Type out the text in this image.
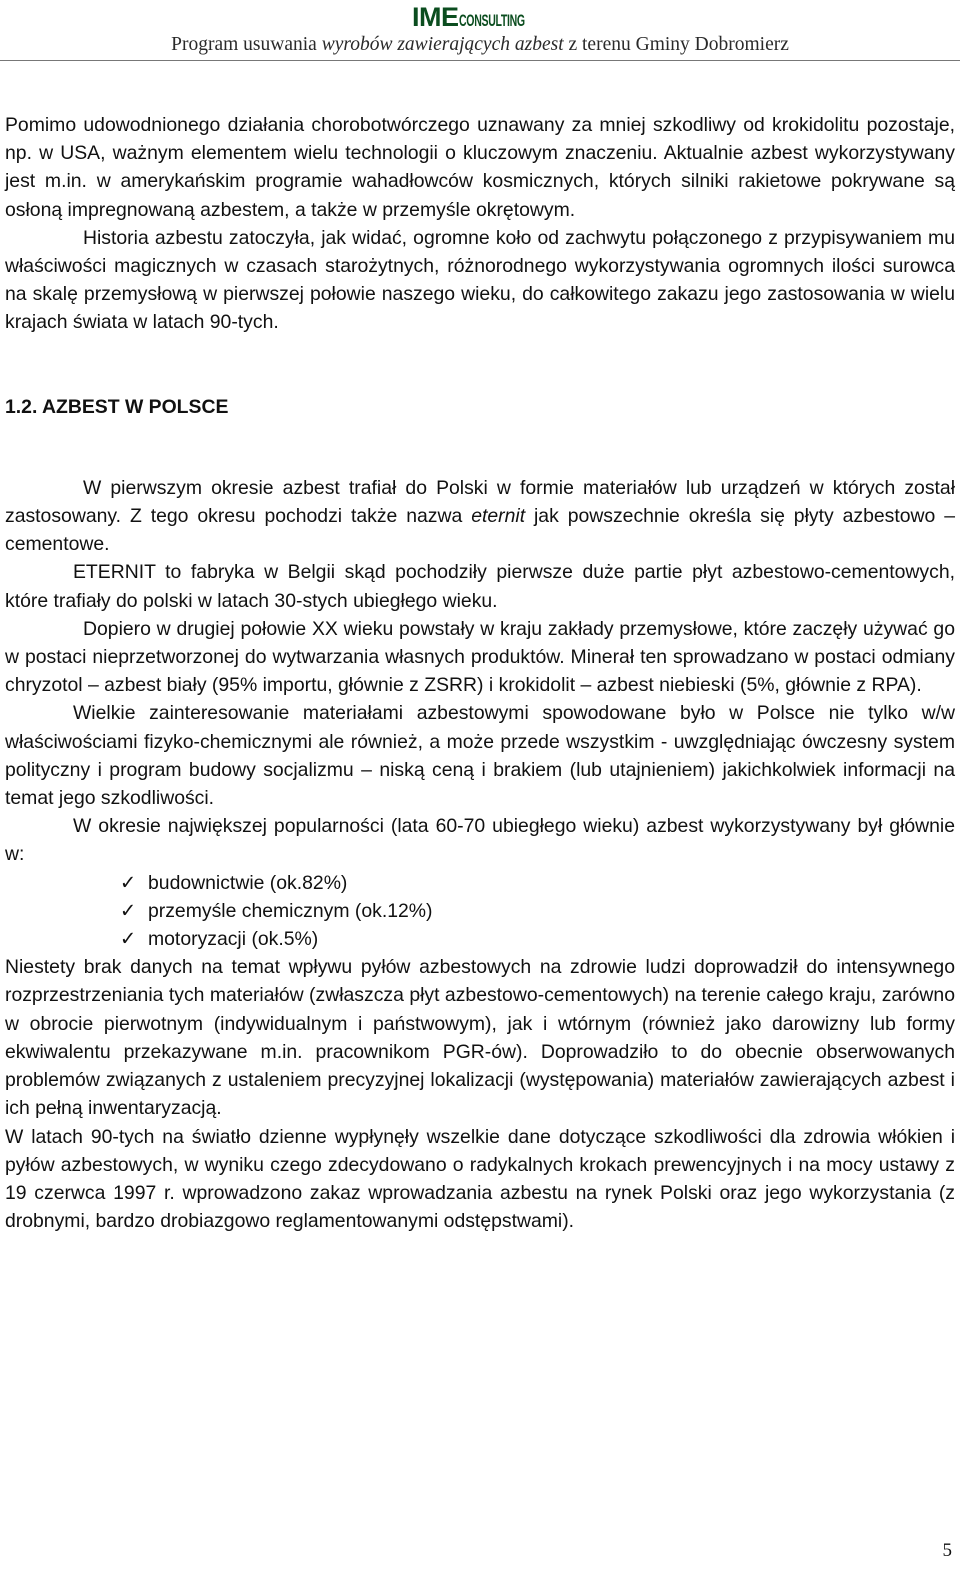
IMECONSULTING
Program usuwania wyrobów zawierających azbest z terenu Gminy Dobromierz

Pomimo udowodnionego działania chorobotwórczego uznawany za mniej szkodliwy od krokidolitu pozostaje, np. w USA, ważnym elementem wielu technologii o kluczowym znaczeniu. Aktualnie azbest wykorzystywany jest m.in. w amerykańskim programie wahadłowców kosmicznych, których silniki rakietowe pokrywane są osłoną impregnowaną azbestem, a także w przemyśle okrętowym.

Historia azbestu zatoczyła, jak widać, ogromne koło od zachwytu połączonego z przypisywaniem mu właściwości magicznych w czasach starożytnych, różnorodnego wykorzystywania ogromnych ilości surowca na skalę przemysłową w pierwszej połowie naszego wieku, do całkowitego zakazu jego zastosowania w wielu krajach świata w latach 90-tych.

1.2. AZBEST W POLSCE

W pierwszym okresie azbest trafiał do Polski w formie materiałów lub urządzeń w których został zastosowany. Z tego okresu pochodzi także nazwa eternit jak powszechnie określa się płyty azbestowo – cementowe.

ETERNIT to fabryka w Belgii skąd pochodziły pierwsze duże partie płyt azbestowo-cementowych, które trafiały do polski w latach 30-stych ubiegłego wieku.

Dopiero w drugiej połowie XX wieku powstały w kraju zakłady przemysłowe, które zaczęły używać go w postaci nieprzetworzonej do wytwarzania własnych produktów. Minerał ten sprowadzano w postaci odmiany chryzotol – azbest biały (95% importu, głównie z ZSRR) i krokidolit – azbest niebieski (5%, głównie z RPA).

Wielkie zainteresowanie materiałami azbestowymi spowodowane było w Polsce nie tylko w/w właściwościami fizyko-chemicznymi ale również, a może przede wszystkim - uwzględniając ówczesny system polityczny i program budowy socjalizmu – niską ceną i brakiem (lub utajnieniem) jakichkolwiek informacji na temat jego szkodliwości.

W okresie największej popularności (lata 60-70 ubiegłego wieku) azbest wykorzystywany był głównie w:

✓ budownictwie (ok.82%)
✓ przemyśle chemicznym (ok.12%)
✓ motoryzacji (ok.5%)

Niestety brak danych na temat wpływu pyłów azbestowych na zdrowie ludzi doprowadził do intensywnego rozprzestrzeniania tych materiałów (zwłaszcza płyt azbestowo-cementowych) na terenie całego kraju, zarówno w obrocie pierwotnym (indywidualnym i państwowym), jak i wtórnym (również jako darowizny lub formy ekwiwalentu przekazywane m.in. pracownikom PGR-ów). Doprowadziło to do obecnie obserwowanych problemów związanych z ustaleniem precyzyjnej lokalizacji (występowania) materiałów zawierających azbest i ich pełną inwentaryzacją.

W latach 90-tych na światło dzienne wypłynęły wszelkie dane dotyczące szkodliwości dla zdrowia włókien i pyłów azbestowych, w wyniku czego zdecydowano o radykalnych krokach prewencyjnych i na mocy ustawy z 19 czerwca 1997 r. wprowadzono zakaz wprowadzania azbestu na rynek Polski oraz jego wykorzystania (z drobnymi, bardzo drobiazgowo reglamentowanymi odstępstwami).

5
